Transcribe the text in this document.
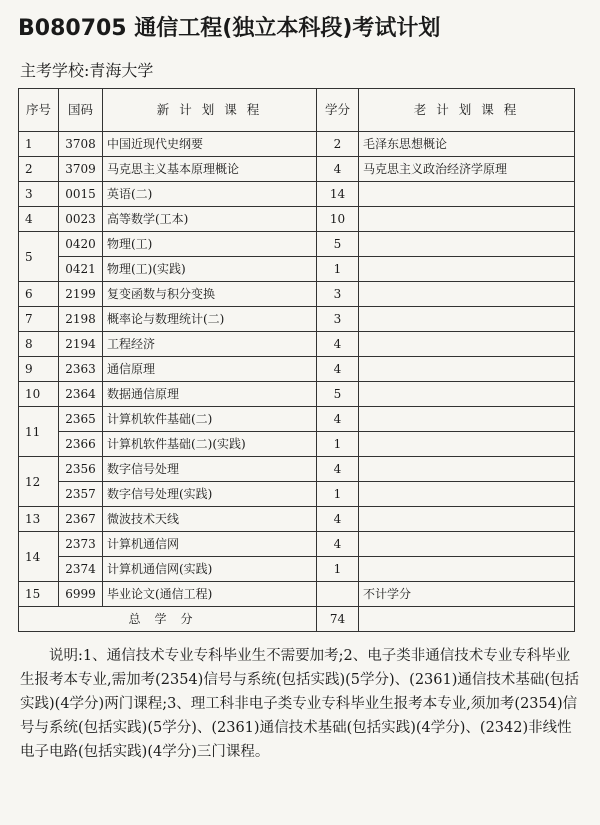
B080705 通信工程(独立本科段)考试计划
主考学校:青海大学
序号	国码	新 计 划 课 程	学分	老 计 划 课 程
1	3708	中国近现代史纲要	2	毛泽东思想概论
2	3709	马克思主义基本原理概论	4	马克思主义政治经济学原理
3	0015	英语(二)	14	
4	0023	高等数学(工本)	10	
5	0420	物理(工)	5	
	0421	物理(工)(实践)	1	
6	2199	复变函数与积分变换	3	
7	2198	概率论与数理统计(二)	3	
8	2194	工程经济	4	
9	2363	通信原理	4	
10	2364	数据通信原理	5	
11	2365	计算机软件基础(二)	4	
	2366	计算机软件基础(二)(实践)	1	
12	2356	数字信号处理	4	
	2357	数字信号处理(实践)	1	
13	2367	微波技术天线	4	
14	2373	计算机通信网	4	
	2374	计算机通信网(实践)	1	
15	6999	毕业论文(通信工程)		不计学分
总学分			74	
说明:1、通信技术专业专科毕业生不需要加考;2、电子类非通信技术专业专科毕业生报考本专业,需加考(2354)信号与系统(包括实践)(5学分)、(2361)通信技术基础(包括实践)(4学分)两门课程;3、理工科非电子类专业专科毕业生报考本专业,须加考(2354)信号与系统(包括实践)(5学分)、(2361)通信技术基础(包括实践)(4学分)、(2342)非线性电子电路(包括实践)(4学分)三门课程。
